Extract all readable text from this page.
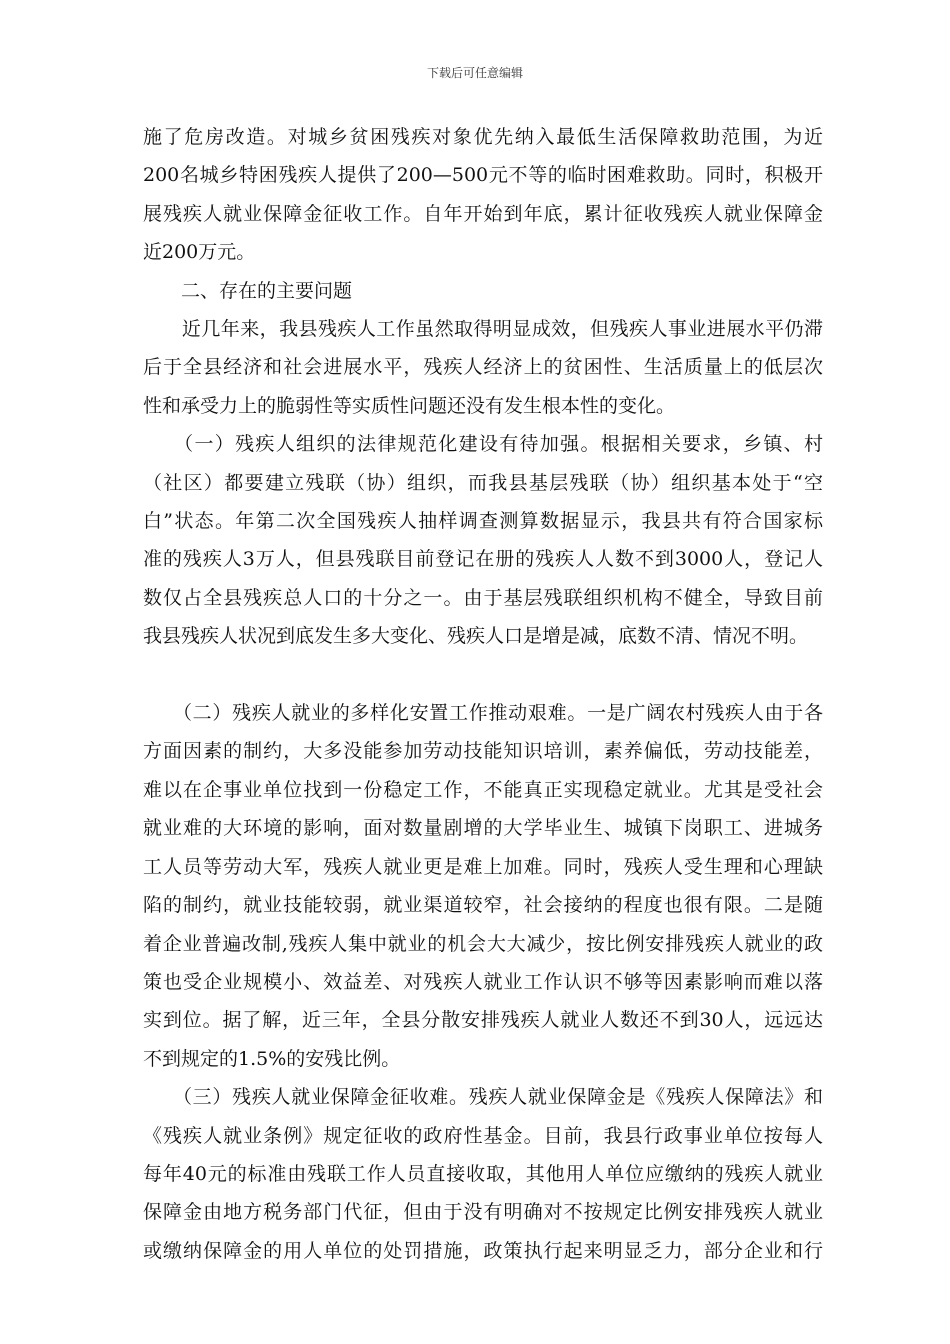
下载后可任意编辑

施了危房改造。对城乡贫困残疾对象优先纳入最低生活保障救助范围，为近
200名城乡特困残疾人提供了200—500元不等的临时困难救助。同时，积极开
展残疾人就业保障金征收工作。自年开始到年底，累计征收残疾人就业保障金
近200万元。

　　二、存在的主要问题

　　近几年来，我县残疾人工作虽然取得明显成效，但残疾人事业进展水平仍滞
后于全县经济和社会进展水平，残疾人经济上的贫困性、生活质量上的低层次
性和承受力上的脆弱性等实质性问题还没有发生根本性的变化。

　　（一）残疾人组织的法律规范化建设有待加强。根据相关要求，乡镇、村
（社区）都要建立残联（协）组织，而我县基层残联（协）组织基本处于“空
白”状态。年第二次全国残疾人抽样调查测算数据显示，我县共有符合国家标
准的残疾人3万人，但县残联目前登记在册的残疾人人数不到3000人，登记人
数仅占全县残疾总人口的十分之一。由于基层残联组织机构不健全，导致目前
我县残疾人状况到底发生多大变化、残疾人口是增是减，底数不清、情况不明。

　　（二）残疾人就业的多样化安置工作推动艰难。一是广阔农村残疾人由于各
方面因素的制约，大多没能参加劳动技能知识培训，素养偏低，劳动技能差，
难以在企事业单位找到一份稳定工作，不能真正实现稳定就业。尤其是受社会
就业难的大环境的影响，面对数量剧增的大学毕业生、城镇下岗职工、进城务
工人员等劳动大军，残疾人就业更是难上加难。同时，残疾人受生理和心理缺
陷的制约，就业技能较弱，就业渠道较窄，社会接纳的程度也很有限。二是随
着企业普遍改制,残疾人集中就业的机会大大减少，按比例安排残疾人就业的政
策也受企业规模小、效益差、对残疾人就业工作认识不够等因素影响而难以落
实到位。据了解，近三年，全县分散安排残疾人就业人数还不到30人，远远达
不到规定的1.5%的安残比例。

　　（三）残疾人就业保障金征收难。残疾人就业保障金是《残疾人保障法》和
《残疾人就业条例》规定征收的政府性基金。目前，我县行政事业单位按每人
每年40元的标准由残联工作人员直接收取，其他用人单位应缴纳的残疾人就业
保障金由地方税务部门代征，但由于没有明确对不按规定比例安排残疾人就业
或缴纳保障金的用人单位的处罚措施，政策执行起来明显乏力，部分企业和行
